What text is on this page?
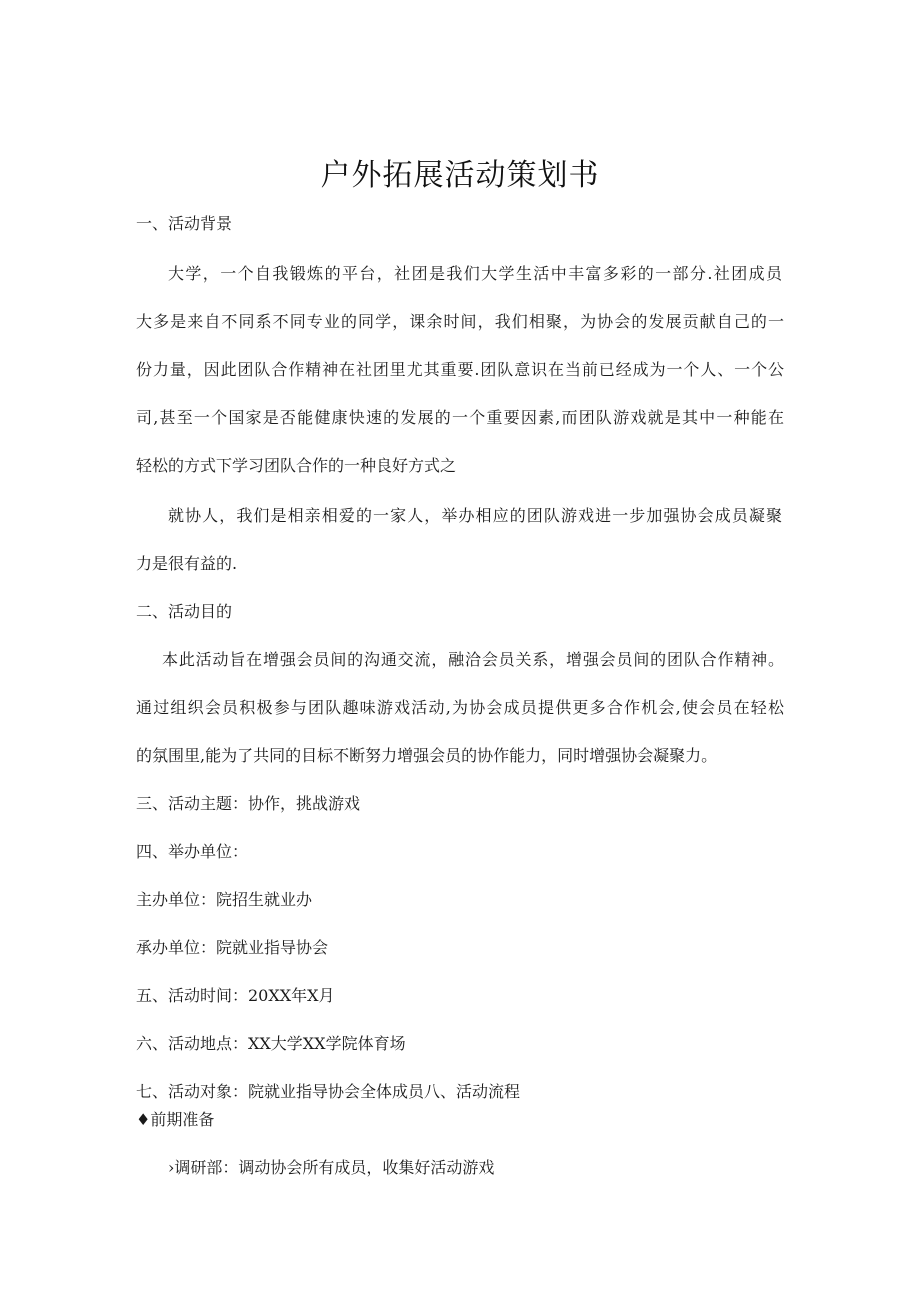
户外拓展活动策划书
一、活动背景
大学，一个自我锻炼的平台，社团是我们大学生活中丰富多彩的一部分.社团成员
大多是来自不同系不同专业的同学，课余时间，我们相聚，为协会的发展贡献自己的一
份力量，因此团队合作精神在社团里尤其重要.团队意识在当前已经成为一个人、一个公
司,甚至一个国家是否能健康快速的发展的一个重要因素,而团队游戏就是其中一种能在
轻松的方式下学习团队合作的一种良好方式之
就协人，我们是相亲相爱的一家人，举办相应的团队游戏进一步加强协会成员凝聚
力是很有益的.
二、活动目的
本此活动旨在增强会员间的沟通交流，融洽会员关系，增强会员间的团队合作精神。
通过组织会员积极参与团队趣味游戏活动,为协会成员提供更多合作机会,使会员在轻松
的氛围里,能为了共同的目标不断努力增强会员的协作能力，同时增强协会凝聚力。
三、活动主题：协作，挑战游戏
四、举办单位：
主办单位：院招生就业办
承办单位：院就业指导协会
五、活动时间：20XX年X月
六、活动地点：XX大学XX学院体育场
七、活动对象：院就业指导协会全体成员八、活动流程
♦前期准备
›调研部：调动协会所有成员，收集好活动游戏
